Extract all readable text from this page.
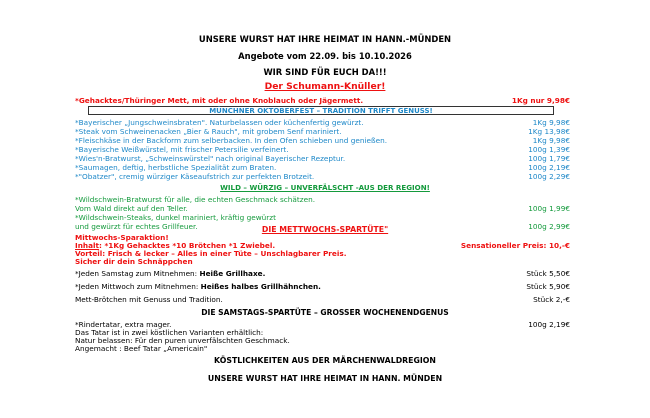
UNSERE WURST HAT IHRE HEIMAT IN HANN.-MÜNDEN
Angebote vom 22.09. bis 10.10.2026
WIR SIND FÜR EUCH DA!!!
Der Schumann-Knüller!
*Gehacktes/Thüringer Mett, mit oder ohne Knoblauch oder Jägermett.	1Kg nur 9,98€
MÜNCHNER OKTOBERFEST – TRADITION TRIFFT GENUSS!
*Bayerischer „Jungschweinsbraten". Naturbelassen oder küchenfertig gewürzt.	1Kg 9,98€
*Steak vom Schweinenacken „Bier & Rauch", mit grobem Senf mariniert.	1Kg 13,98€
*Fleischkäse in der Backform zum selberbacken. In den Ofen schieben und genießen.	1Kg 9,98€
*Bayerische Weißwürstel, mit frischer Petersilie verfeinert.	100g 1,39€
*Wies'n-Bratwurst, „Schweinswürstel" nach original Bayerischer Rezeptur.	100g 1,79€
*Saumagen, deftig, herbstliche Spezialität zum Braten.	100g 2,19€
*"Obatzer", cremig würziger Käseaufstrich zur perfekten Brotzeit.	100g 2,29€
WILD – WÜRZIG – UNVERFÄLSCHT -AUS DER REGION!
*Wildschwein-Bratwurst für alle, die echten Geschmack schätzen.
Vom Wald direkt auf den Teller.	100g 1,99€
*Wildschwein-Steaks, dunkel mariniert, kräftig gewürzt
und gewürzt für echtes Grillfeuer.	100g 2,99€
DIE METTWOCHS-SPARTÜTE"
Mittwochs-Sparaktion!
Inhalt: *1Kg Gehacktes *10 Brötchen *1 Zwiebel.	Sensationeller Preis: 10,-€
Vorteil: Frisch & lecker – Alles in einer Tüte – Unschlagbarer Preis.
Sicher dir dein Schnäppchen
*Jeden Samstag zum Mitnehmen: Heiße Grillhaxe.	Stück 5,50€
*Jeden Mittwoch zum Mitnehmen: Heißes halbes Grillhähnchen.	Stück 5,90€
Mett-Brötchen mit Genuss und Tradition.	Stück 2,-€
DIE SAMSTAGS-SPARTÜTE – GROSSER WOCHENENDGENUS
*Rindertatar, extra mager.	100g 2,19€
Das Tatar ist in zwei köstlichen Varianten erhältlich:
Natur belassen: Für den puren unverfälschten Geschmack.
Angemacht : Beef Tatar „Americain"
KÖSTLICHKEITEN AUS DER MÄRCHENWALDREGION
UNSERE WURST HAT IHRE HEIMAT IN HANN. MÜNDEN
